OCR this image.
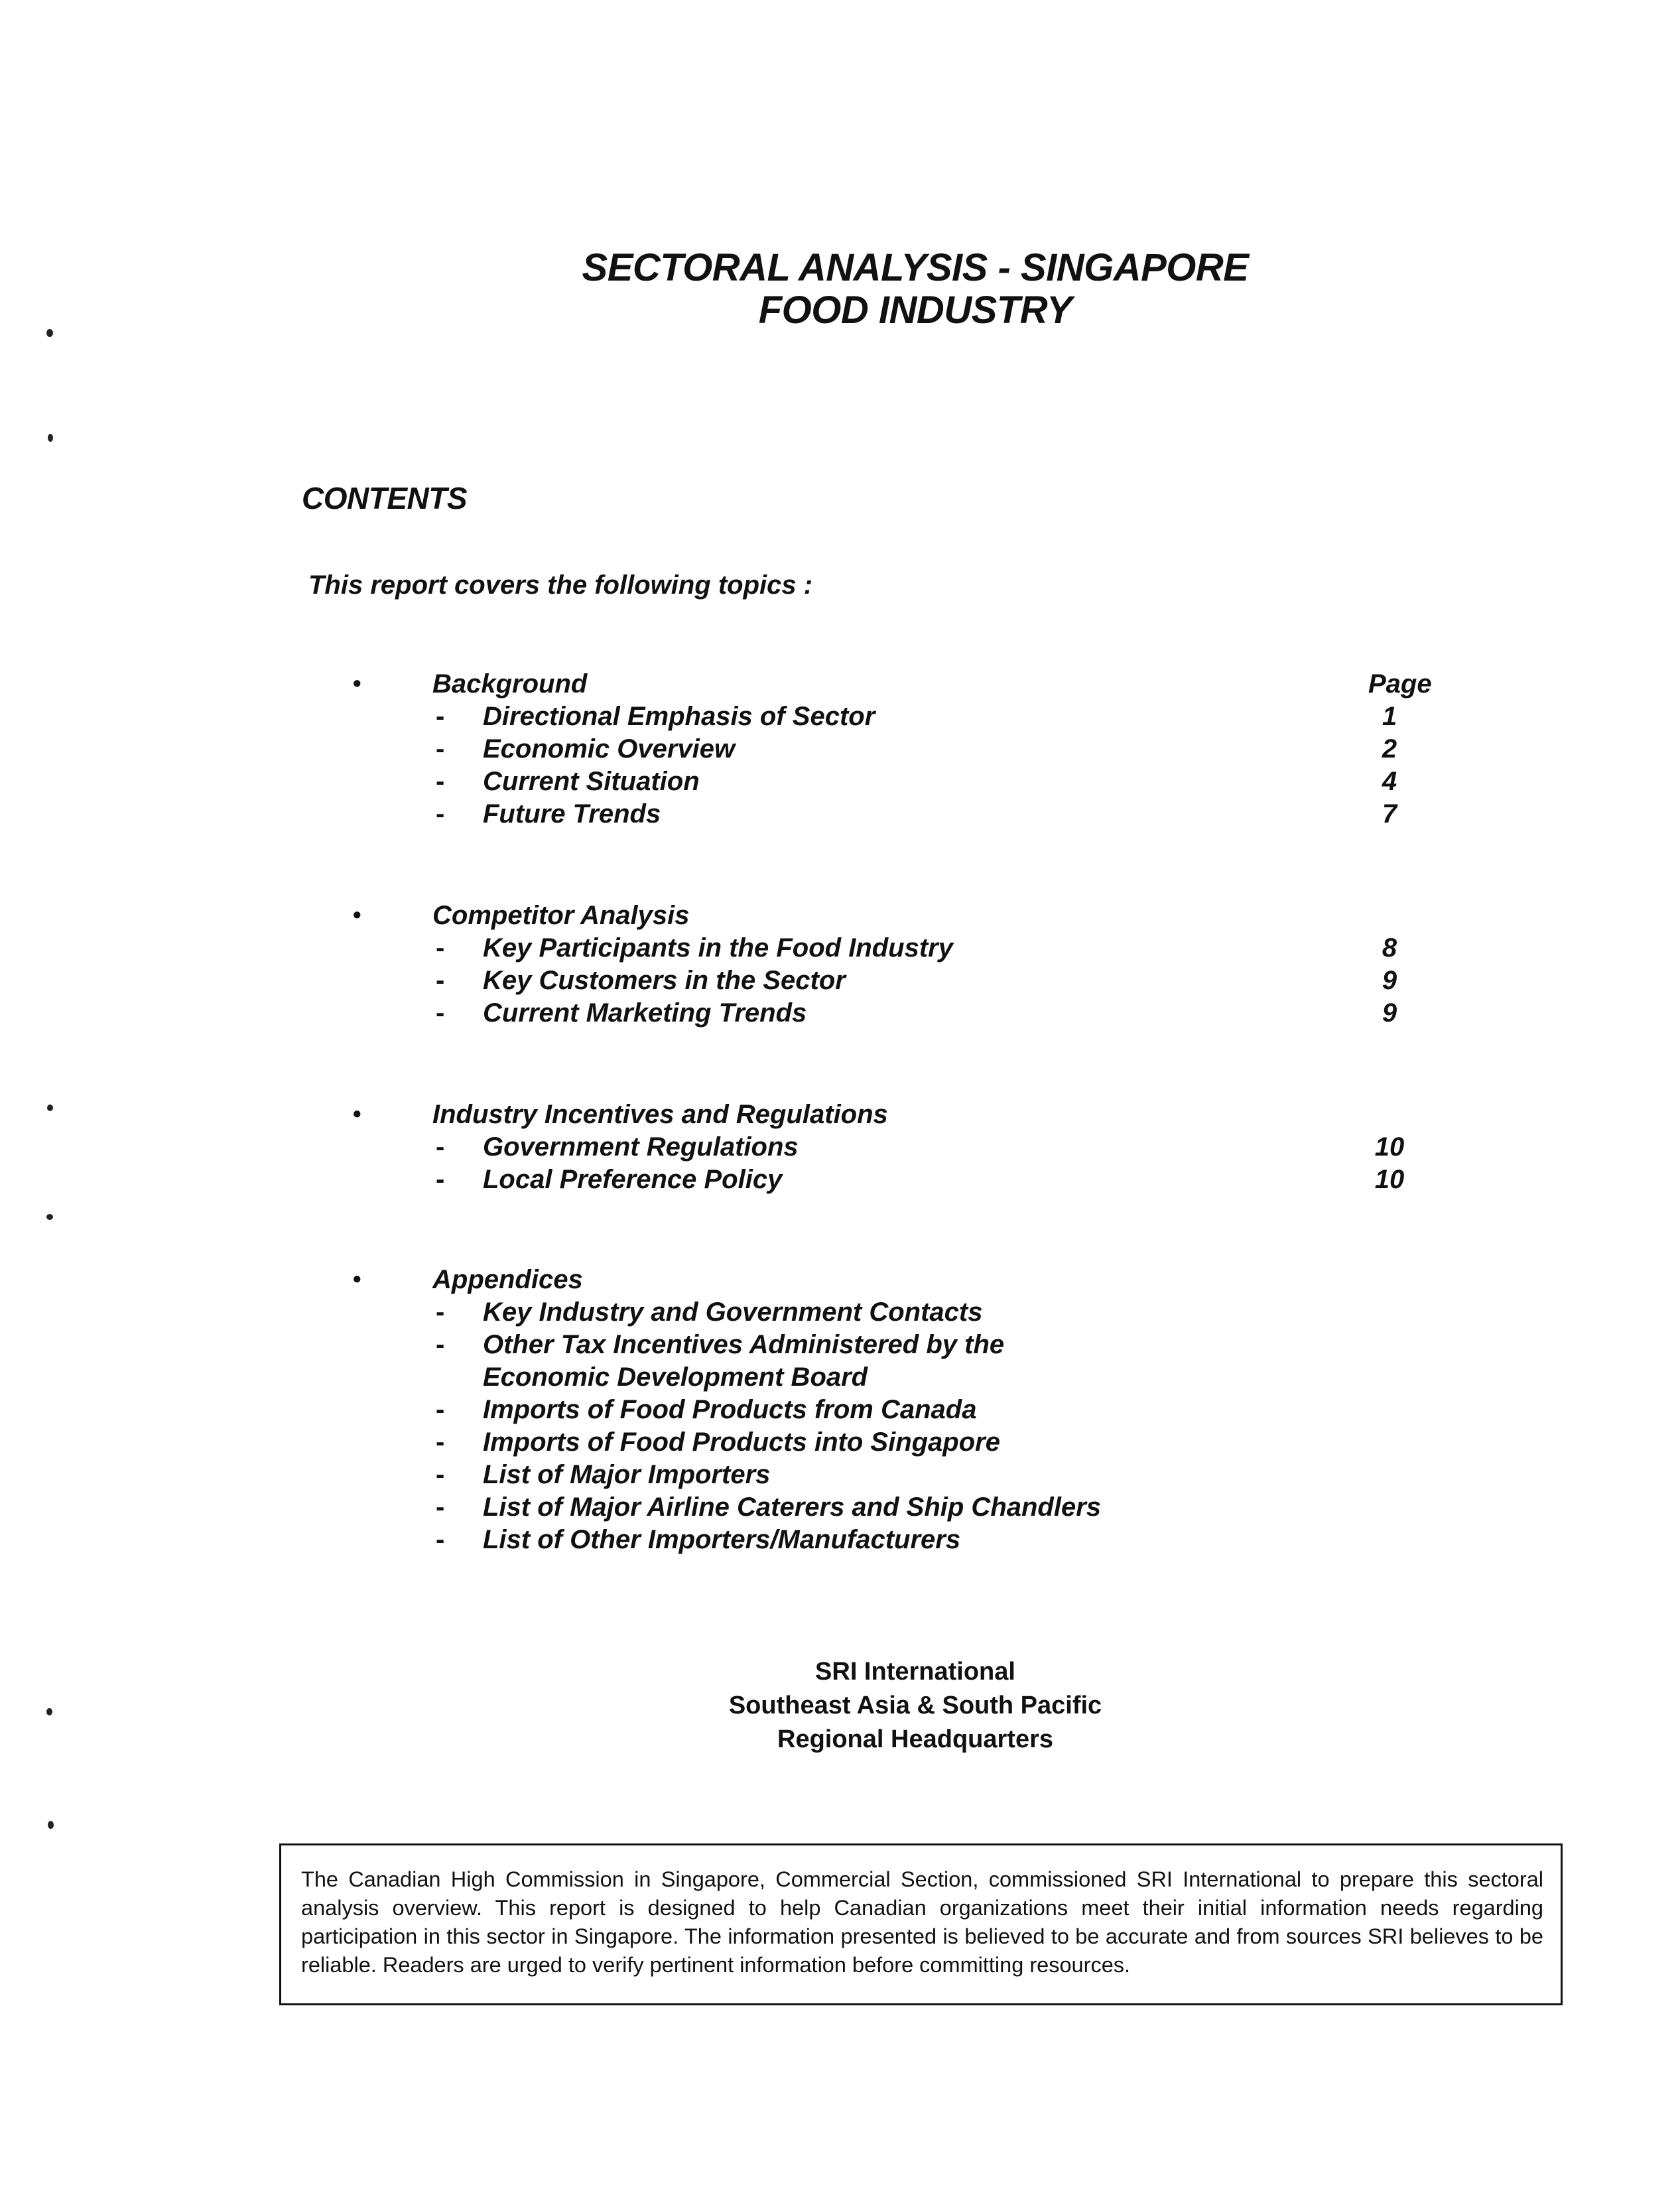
SECTORAL ANALYSIS - SINGAPORE
FOOD INDUSTRY
CONTENTS
This report covers the following topics :
Page
•	Background
- Directional Emphasis of Sector	1
- Economic Overview	2
- Current Situation	4
- Future Trends	7
•	Competitor Analysis
- Key Participants in the Food Industry	8
- Key Customers in the Sector	9
- Current Marketing Trends	9
•	Industry Incentives and Regulations
- Government Regulations	10
- Local Preference Policy	10
•	Appendices
- Key Industry and Government Contacts
- Other Tax Incentives Administered by the
Economic Development Board
- Imports of Food Products from Canada
- Imports of Food Products into Singapore
- List of Major Importers
- List of Major Airline Caterers and Ship Chandlers
- List of Other Importers/Manufacturers
SRI International
Southeast Asia & South Pacific
Regional Headquarters
The Canadian High Commission in Singapore, Commercial Section, commissioned SRI International to prepare this sectoral analysis overview. This report is designed to help Canadian organizations meet their initial information needs regarding participation in this sector in Singapore. The information presented is believed to be accurate and from sources SRI believes to be reliable. Readers are urged to verify pertinent information before committing resources.
